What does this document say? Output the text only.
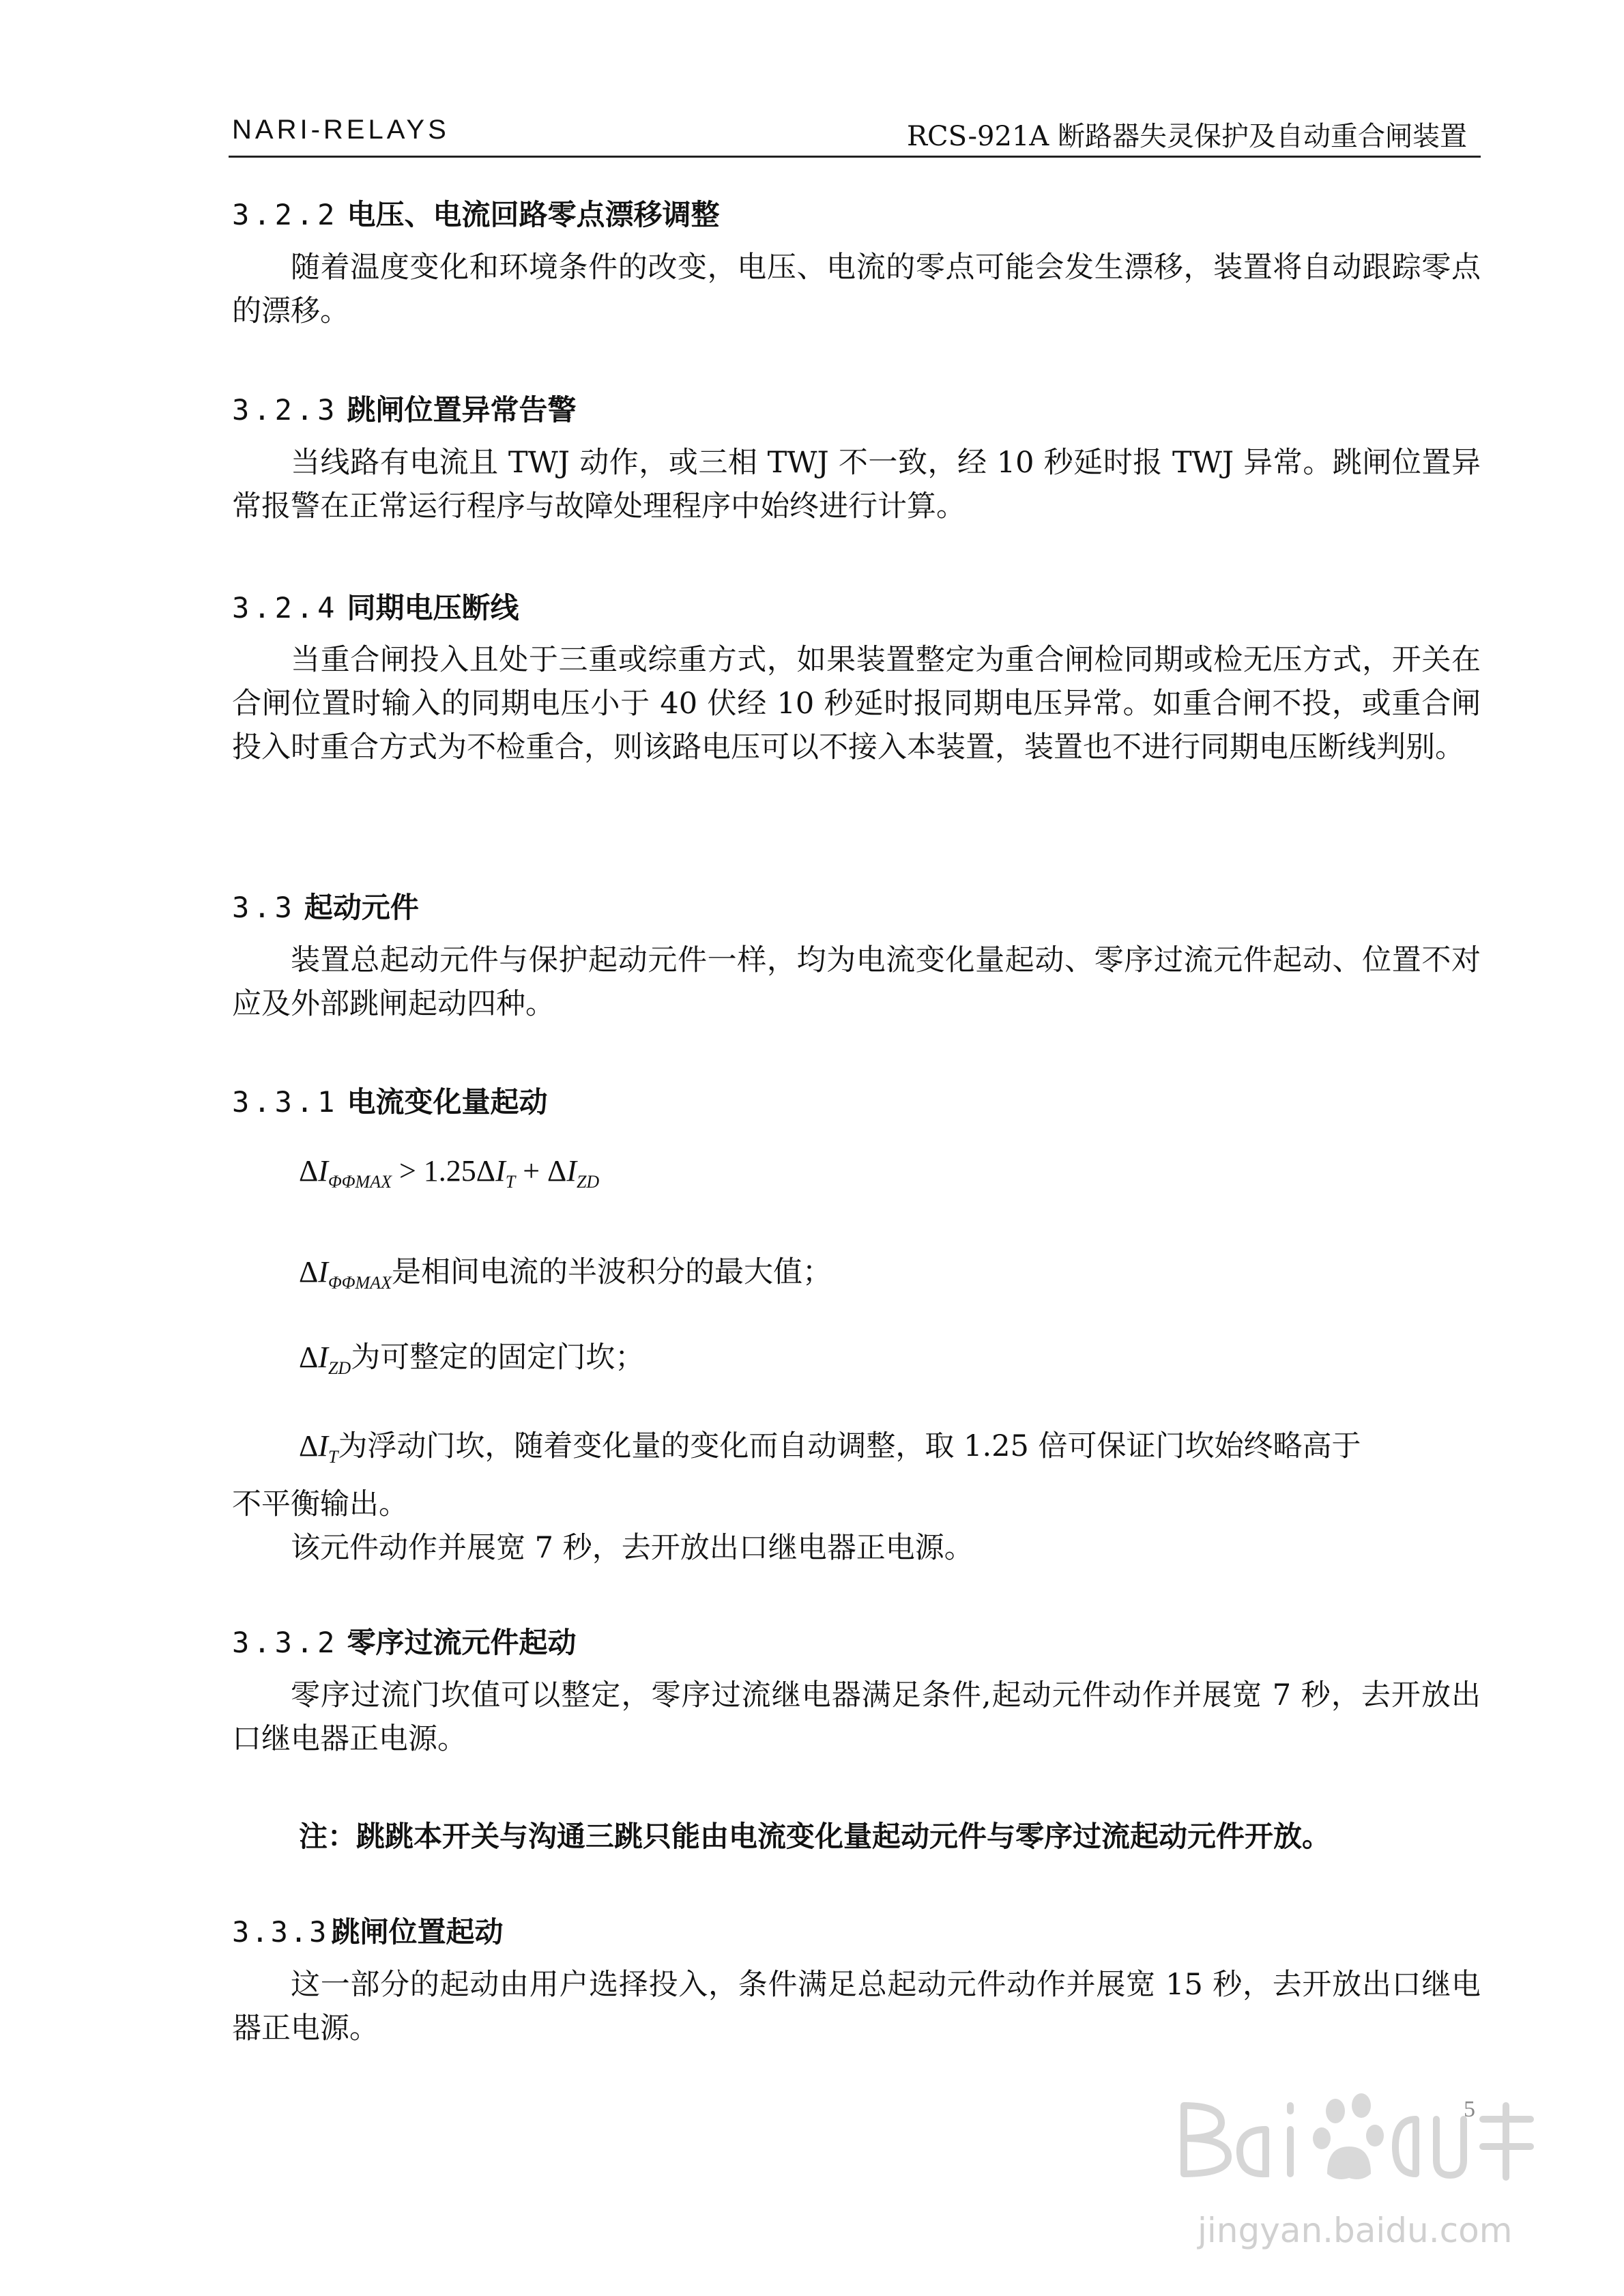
NARI-RELAYS	RCS-921A 断路器失灵保护及自动重合闸装置
3.2.2 电压、电流回路零点漂移调整
随着温度变化和环境条件的改变，电压、电流的零点可能会发生漂移，装置将自动跟踪零点的漂移。
3.2.3 跳闸位置异常告警
当线路有电流且 TWJ 动作，或三相 TWJ 不一致，经 10 秒延时报 TWJ 异常。跳闸位置异常报警在正常运行程序与故障处理程序中始终进行计算。
3.2.4 同期电压断线
当重合闸投入且处于三重或综重方式，如果装置整定为重合闸检同期或检无压方式，开关在合闸位置时输入的同期电压小于 40 伏经 10 秒延时报同期电压异常。如重合闸不投，或重合闸投入时重合方式为不检重合，则该路电压可以不接入本装置，装置也不进行同期电压断线判别。
3.3 起动元件
装置总起动元件与保护起动元件一样，均为电流变化量起动、零序过流元件起动、位置不对应及外部跳闸起动四种。
3.3.1 电流变化量起动
$\Delta I_{\Phi\Phi MAX} > 1.25\Delta I_T + \Delta I_{ZD}$
$\Delta I_{\Phi\Phi MAX}$是相间电流的半波积分的最大值；
$\Delta I_{ZD}$为可整定的固定门坎；
$\Delta I_T$为浮动门坎，随着变化量的变化而自动调整，取 1.25 倍可保证门坎始终略高于
不平衡输出。
该元件动作并展宽 7 秒，去开放出口继电器正电源。
3.3.2 零序过流元件起动
零序过流门坎值可以整定，零序过流继电器满足条件,起动元件动作并展宽 7 秒，去开放出口继电器正电源。
注：跳跳本开关与沟通三跳只能由电流变化量起动元件与零序过流起动元件开放。
3.3.3跳闸位置起动
这一部分的起动由用户选择投入，条件满足总起动元件动作并展宽 15 秒，去开放出口继电器正电源。
jingyan.baidu.com
5
